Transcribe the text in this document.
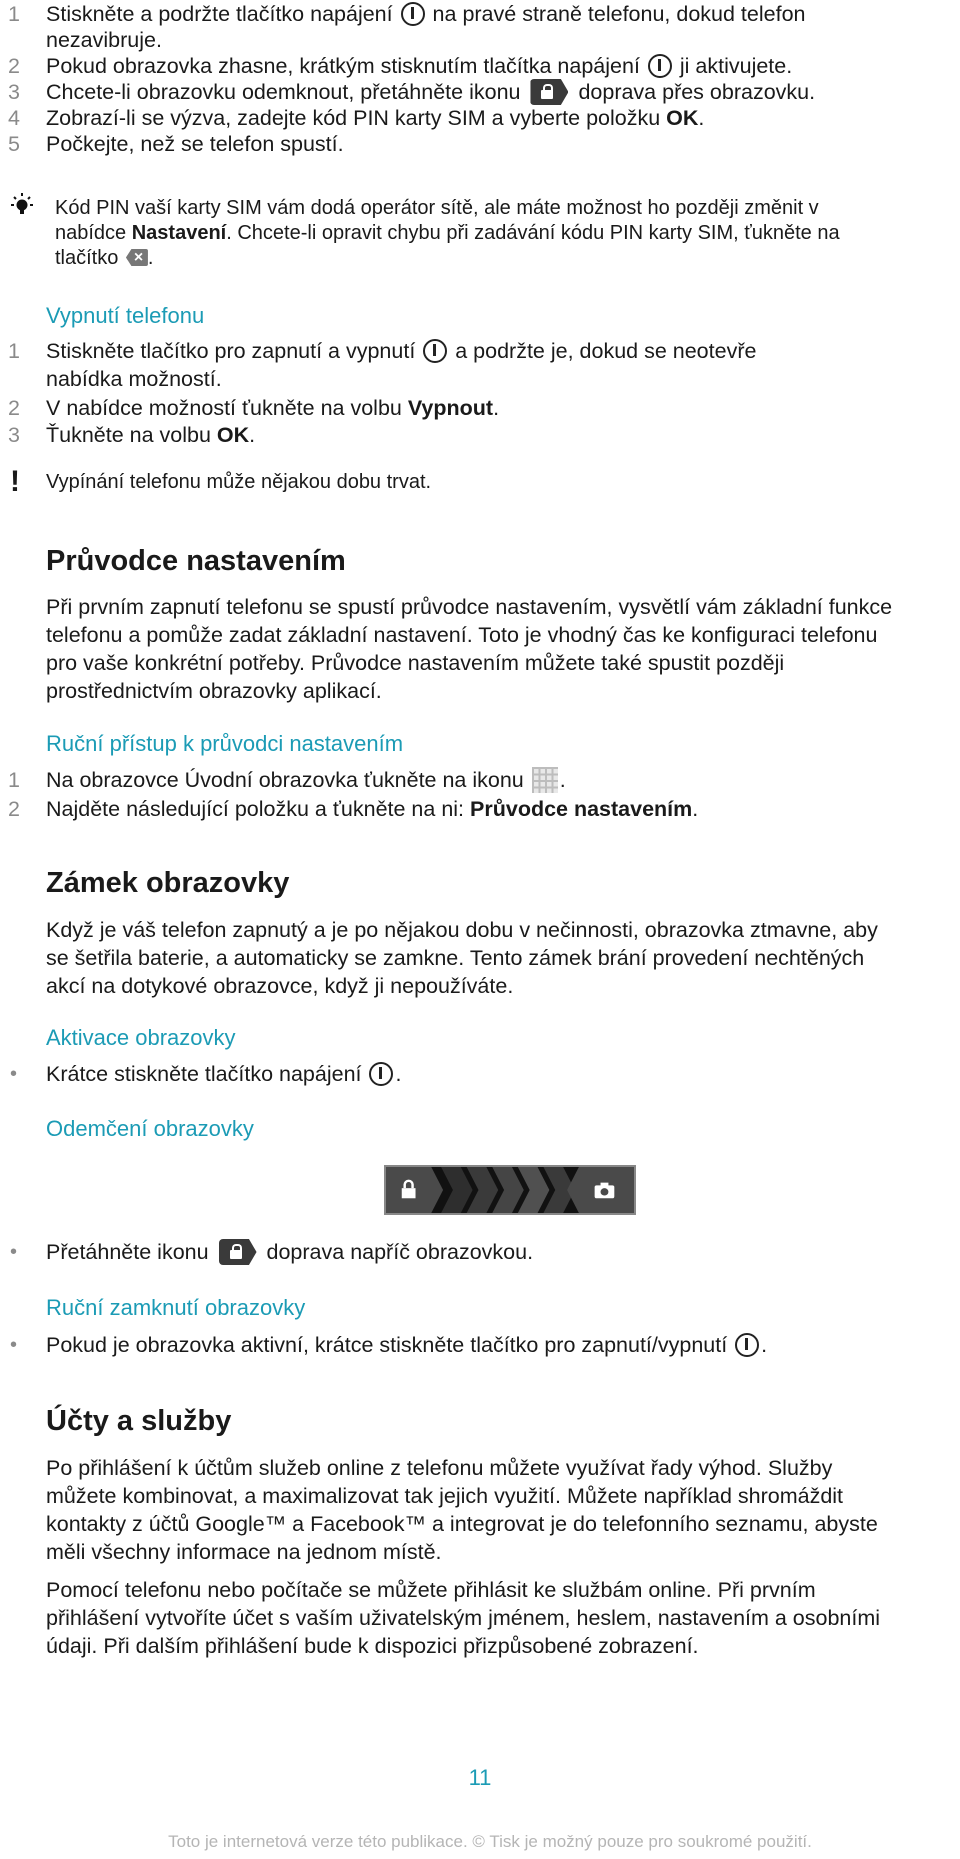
1 Stiskněte a podržte tlačítko napájení  na pravé straně telefonu, dokud telefon
nezavibruje.
2 Pokud obrazovka zhasne, krátkým stisknutím tlačítka napájení  ji aktivujete.
3 Chcete-li obrazovku odemknout, přetáhněte ikonu  doprava přes obrazovku.
4 Zobrazí-li se výzva, zadejte kód PIN karty SIM a vyberte položku OK.
5 Počkejte, než se telefon spustí.
Kód PIN vaší karty SIM vám dodá operátor sítě, ale máte možnost ho později změnit v
nabídce Nastavení. Chcete-li opravit chybu při zadávání kódu PIN karty SIM, ťukněte na
tlačítko ×.
Vypnutí telefonu
1 Stiskněte tlačítko pro zapnutí a vypnutí  a podržte je, dokud se neotevře
nabídka možností.
2 V nabídce možností ťukněte na volbu Vypnout.
3 Ťukněte na volbu OK.
! Vypínání telefonu může nějakou dobu trvat.
Průvodce nastavením
Při prvním zapnutí telefonu se spustí průvodce nastavením, vysvětlí vám základní funkce
telefonu a pomůže zadat základní nastavení. Toto je vhodný čas ke konfiguraci telefonu
pro vaše konkrétní potřeby. Průvodce nastavením můžete také spustit později
prostřednictvím obrazovky aplikací.
Ruční přístup k průvodci nastavením
1 Na obrazovce Úvodní obrazovka ťukněte na ikonu .
2 Najděte následující položku a ťukněte na ni: Průvodce nastavením.
Zámek obrazovky
Když je váš telefon zapnutý a je po nějakou dobu v nečinnosti, obrazovka ztmavne, aby
se šetřila baterie, a automaticky se zamkne. Tento zámek brání provedení nechtěných
akcí na dotykové obrazovce, když ji nepoužíváte.
Aktivace obrazovky
• Krátce stiskněte tlačítko napájení .
Odemčení obrazovky
• Přetáhněte ikonu  doprava napříč obrazovkou.
Ruční zamknutí obrazovky
• Pokud je obrazovka aktivní, krátce stiskněte tlačítko pro zapnutí/vypnutí .
Účty a služby
Po přihlášení k účtům služeb online z telefonu můžete využívat řady výhod. Služby
můžete kombinovat, a maximalizovat tak jejich využití. Můžete například shromáždit
kontakty z účtů Google™ a Facebook™ a integrovat je do telefonního seznamu, abyste
měli všechny informace na jednom místě.
Pomocí telefonu nebo počítače se můžete přihlásit ke službám online. Při prvním
přihlášení vytvoříte účet s vaším uživatelským jménem, heslem, nastavením a osobními
údaji. Při dalším přihlášení bude k dispozici přizpůsobené zobrazení.
11
Toto je internetová verze této publikace. © Tisk je možný pouze pro soukromé použití.
